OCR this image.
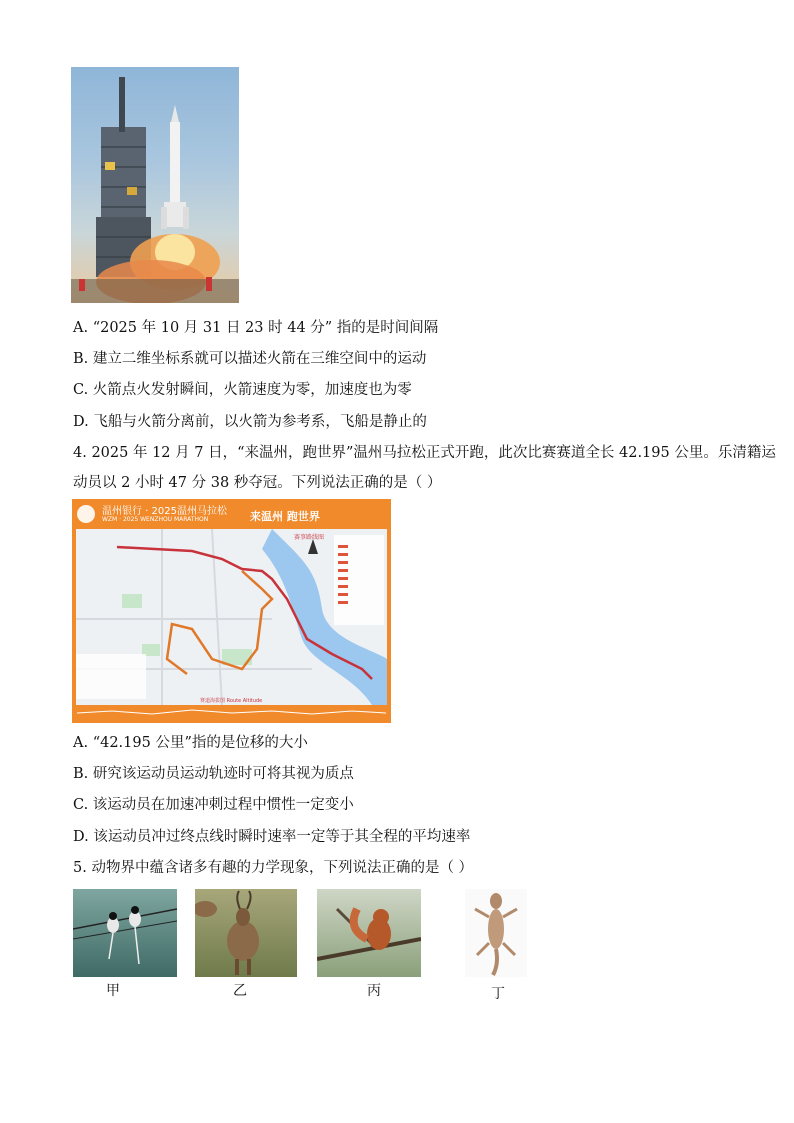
A. “2025 年 10 月 31 日 23 时 44 分” 指的是时间间隔
B. 建立二维坐标系就可以描述火箭在三维空间中的运动
C. 火箭点火发射瞬间，火箭速度为零，加速度也为零
D. 飞船与火箭分离前，以火箭为参考系，飞船是静止的
4. 2025 年 12 月 7 日，“来温州，跑世界”温州马拉松正式开跑，此次比赛赛道全长 42.195 公里。乐清籍运
动员以 2 小时 47 分 38 秒夺冠。下列说法正确的是（ ）
温州银行 · 2025温州马拉松
WZM · 2025 WENZHOU MARATHON	来温州 跑世界
赛事路线图
赛道海拔图 Route Altitude
A. “42.195 公里”指的是位移的大小
B. 研究该运动员运动轨迹时可将其视为质点
C. 该运动员在加速冲刺过程中惯性一定变小
D. 该运动员冲过终点线时瞬时速率一定等于其全程的平均速率
5. 动物界中蕴含诸多有趣的力学现象，下列说法正确的是（ ）
甲	乙	丙	丁
